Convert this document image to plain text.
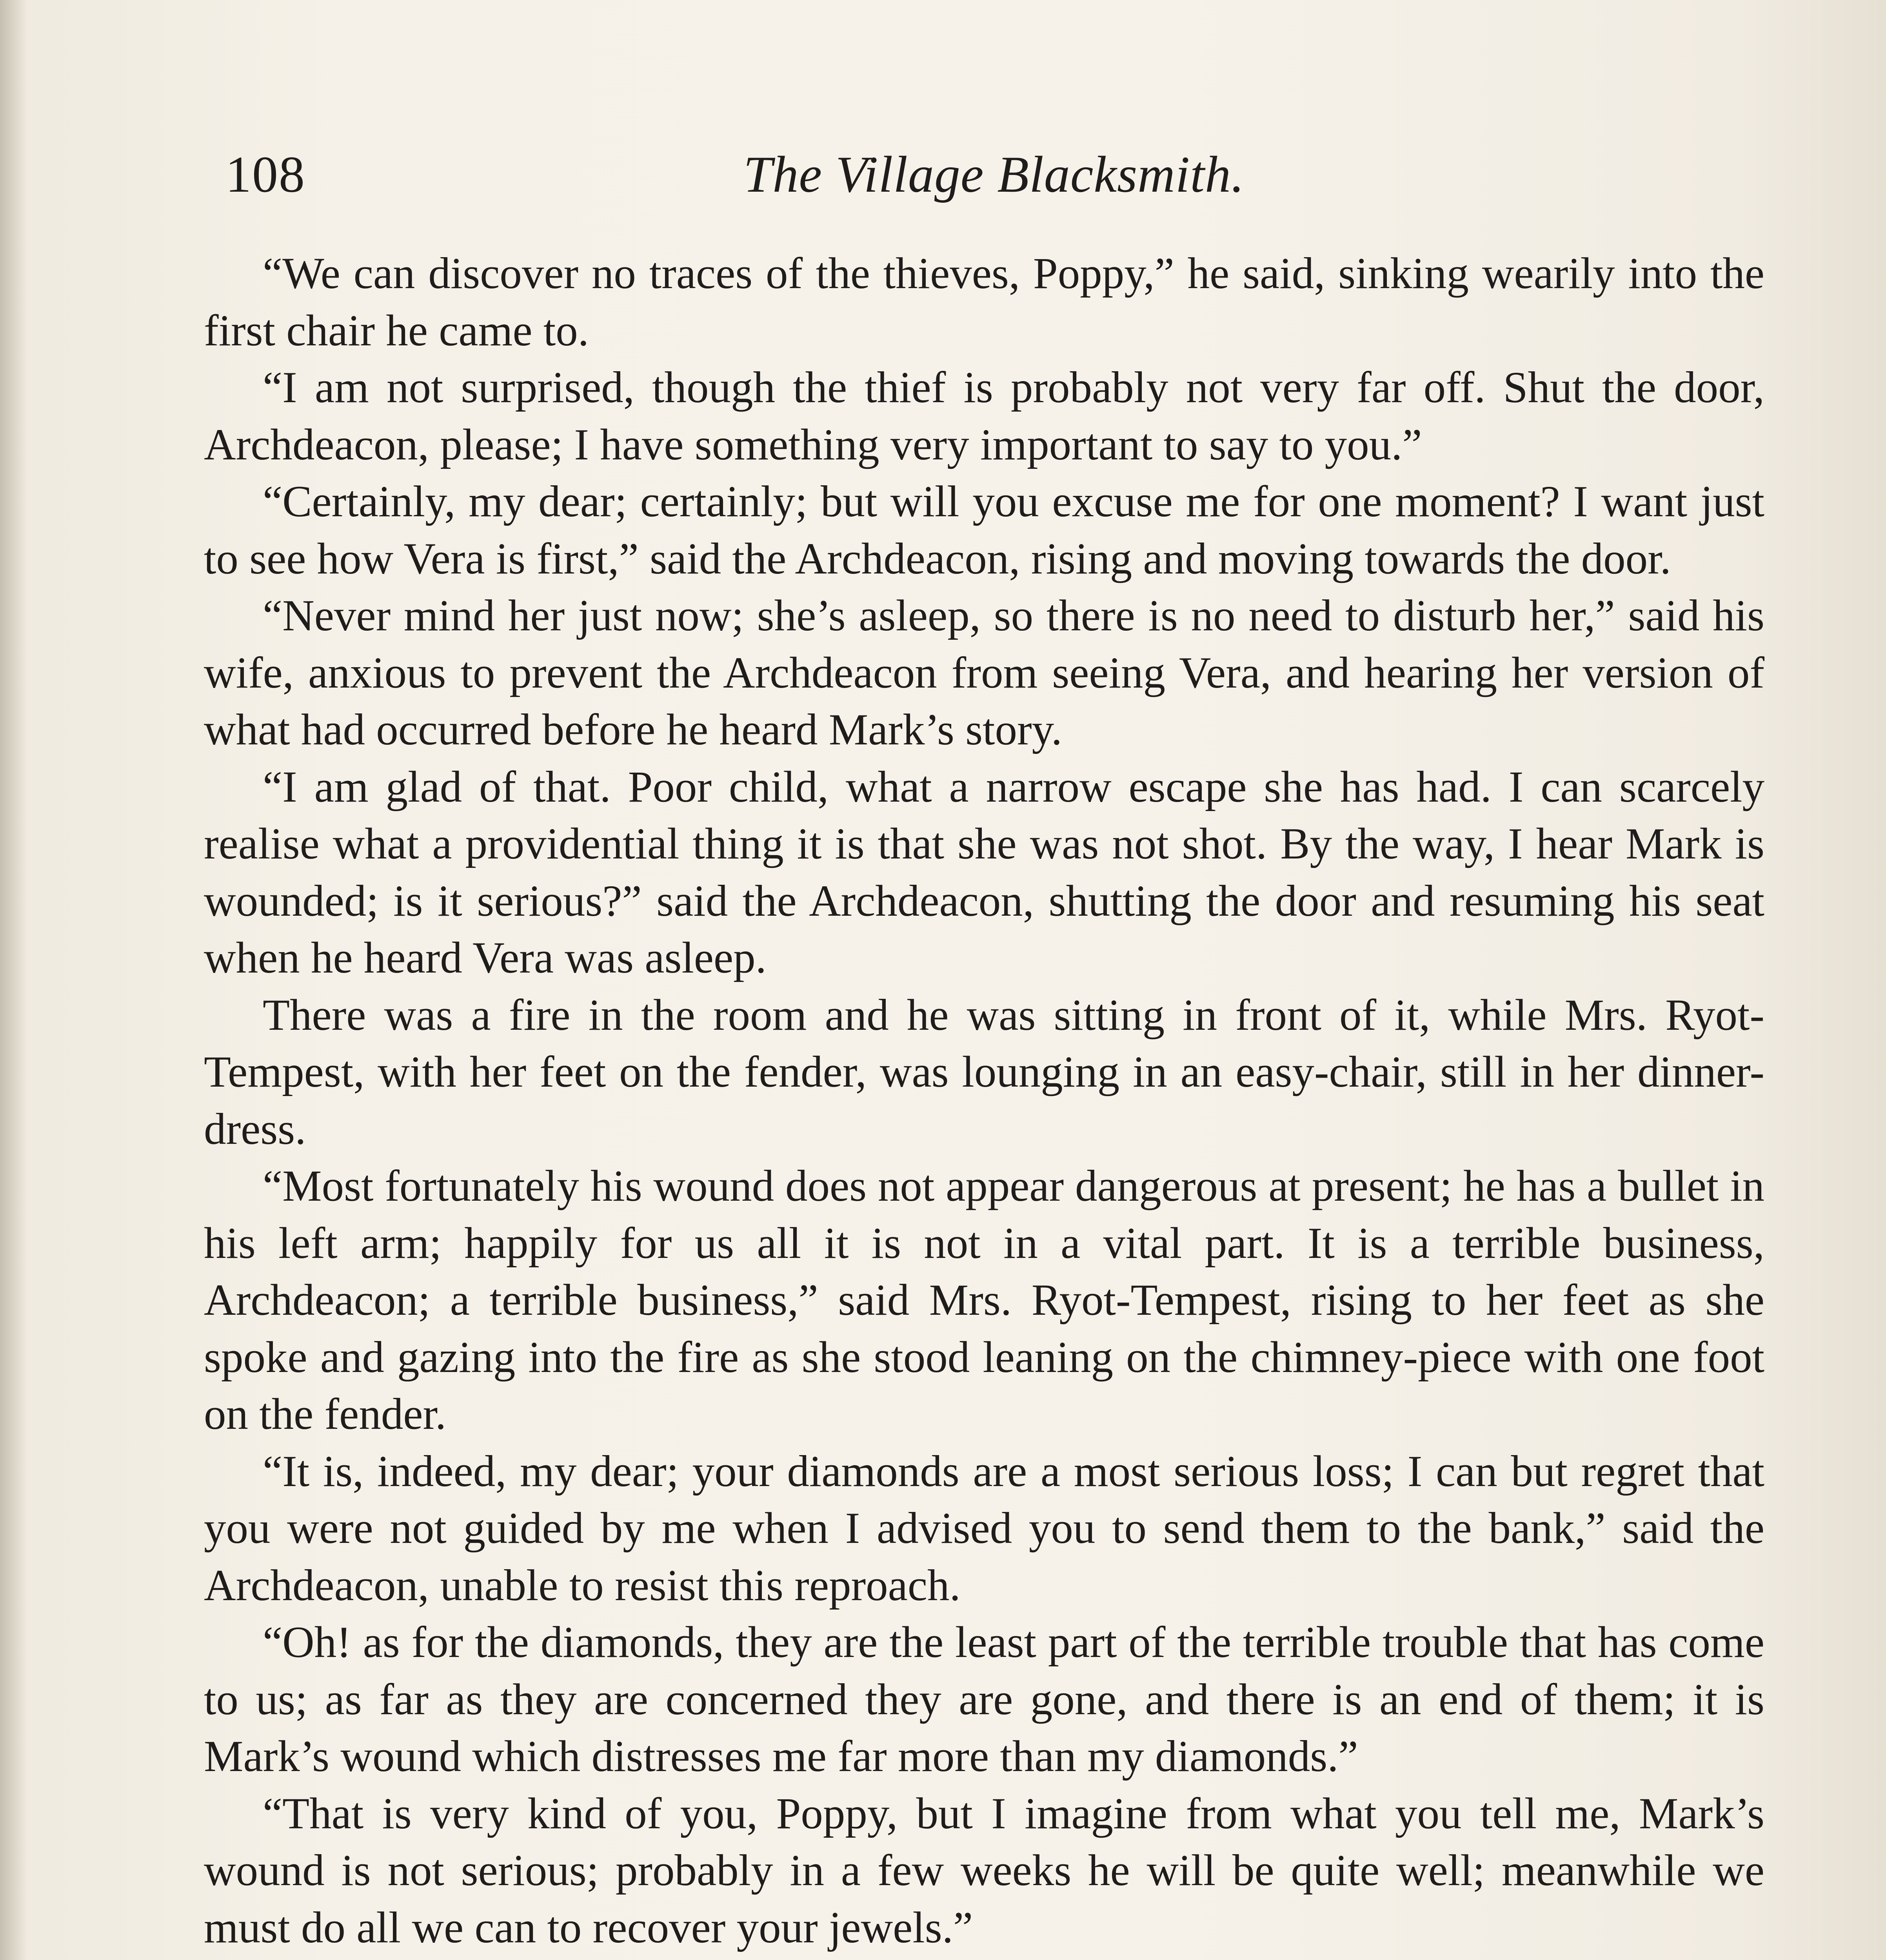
108	The Village Blacksmith.

“We can discover no traces of the thieves, Poppy,” he said, sinking wearily into the first chair he came to.

“I am not surprised, though the thief is probably not very far off. Shut the door, Archdeacon, please; I have something very important to say to you.”

“Certainly, my dear; certainly; but will you excuse me for one moment? I want just to see how Vera is first,” said the Archdeacon, rising and moving towards the door.

“Never mind her just now; she’s asleep, so there is no need to disturb her,” said his wife, anxious to prevent the Archdeacon from seeing Vera, and hearing her version of what had occurred before he heard Mark’s story.

“I am glad of that. Poor child, what a narrow escape she has had. I can scarcely realise what a providential thing it is that she was not shot. By the way, I hear Mark is wounded; is it serious?” said the Archdeacon, shutting the door and resuming his seat when he heard Vera was asleep.

There was a fire in the room and he was sitting in front of it, while Mrs. Ryot-Tempest, with her feet on the fender, was lounging in an easy-chair, still in her dinner-dress.

“Most fortunately his wound does not appear dangerous at present; he has a bullet in his left arm; happily for us all it is not in a vital part. It is a terrible business, Archdeacon; a terrible business,” said Mrs. Ryot-Tempest, rising to her feet as she spoke and gazing into the fire as she stood leaning on the chimney-piece with one foot on the fender.

“It is, indeed, my dear; your diamonds are a most serious loss; I can but regret that you were not guided by me when I advised you to send them to the bank,” said the Archdeacon, unable to resist this reproach.

“Oh! as for the diamonds, they are the least part of the terrible trouble that has come to us; as far as they are concerned they are gone, and there is an end of them; it is Mark’s wound which distresses me far more than my diamonds.”

“That is very kind of you, Poppy, but I imagine from what you tell me, Mark’s wound is not serious; probably in a few weeks he will be quite well; meanwhile we must do all we can to recover your jewels.”
